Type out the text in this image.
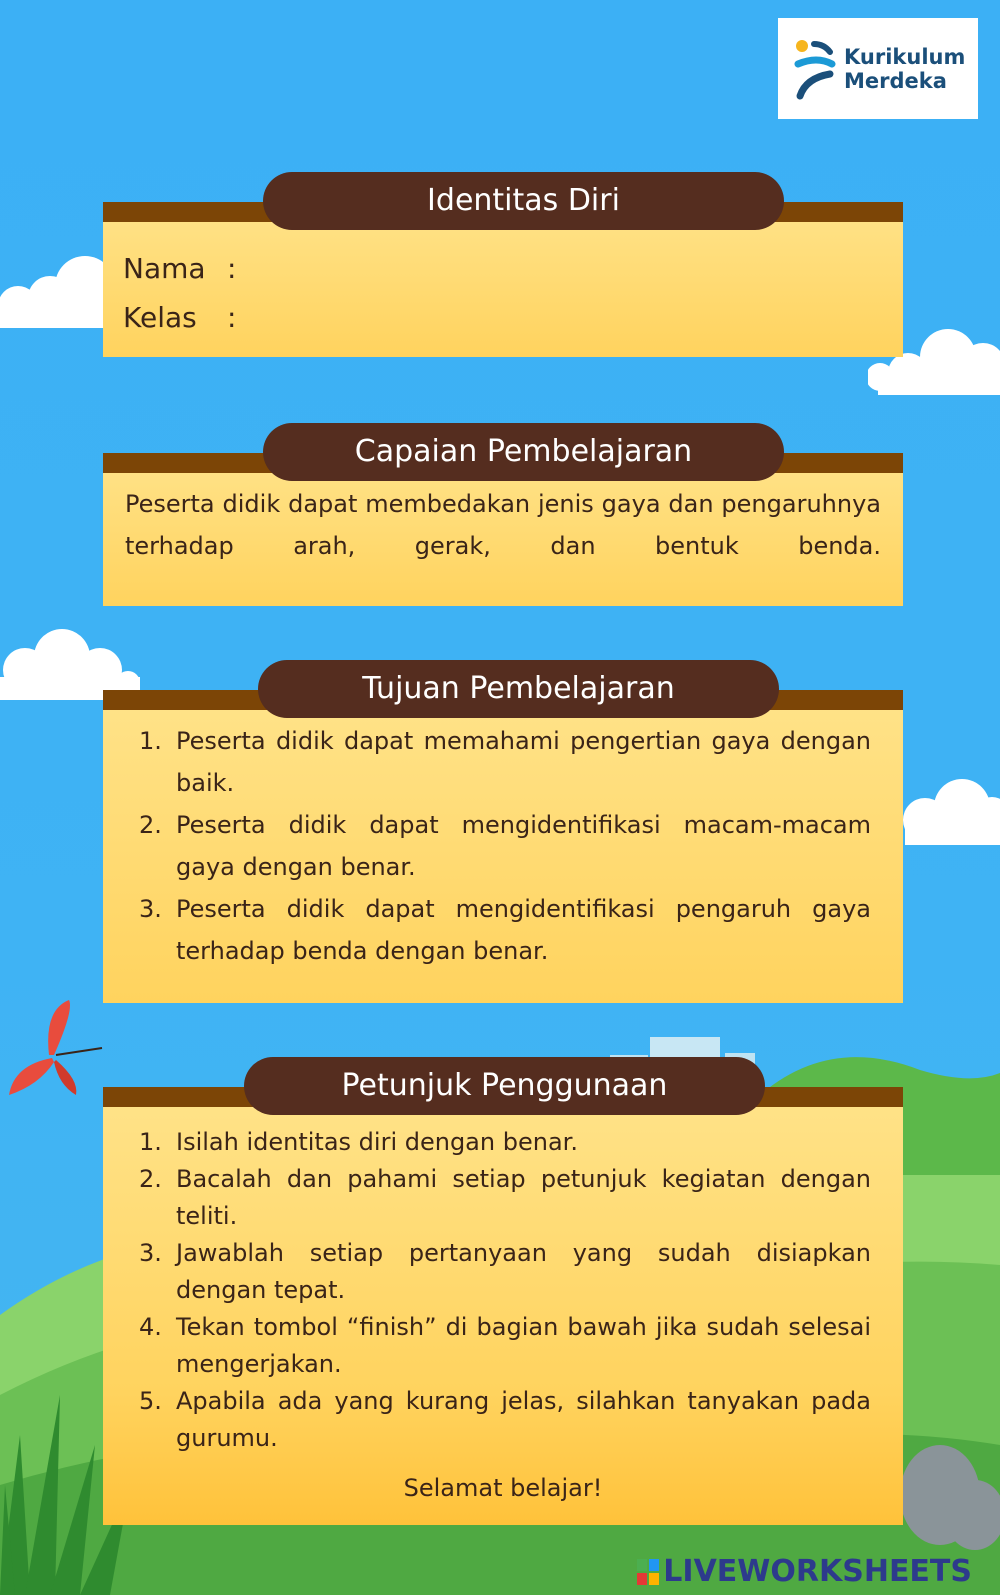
Kurikulum
Merdeka
Identitas Diri
Nama :
Kelas :
Capaian Pembelajaran
Peserta didik dapat membedakan jenis gaya dan pengaruhnya terhadap arah, gerak, dan bentuk benda.
Tujuan Pembelajaran
1. Peserta didik dapat memahami pengertian gaya dengan baik.
2. Peserta didik dapat mengidentifikasi macam-macam gaya dengan benar.
3. Peserta didik dapat mengidentifikasi pengaruh gaya terhadap benda dengan benar.
Petunjuk Penggunaan
1. Isilah identitas diri dengan benar.
2. Bacalah dan pahami setiap petunjuk kegiatan dengan teliti.
3. Jawablah setiap pertanyaan yang sudah disiapkan dengan tepat.
4. Tekan tombol “finish” di bagian bawah jika sudah selesai mengerjakan.
5. Apabila ada yang kurang jelas, silahkan tanyakan pada gurumu.
Selamat belajar!
LIVEWORKSHEETS
